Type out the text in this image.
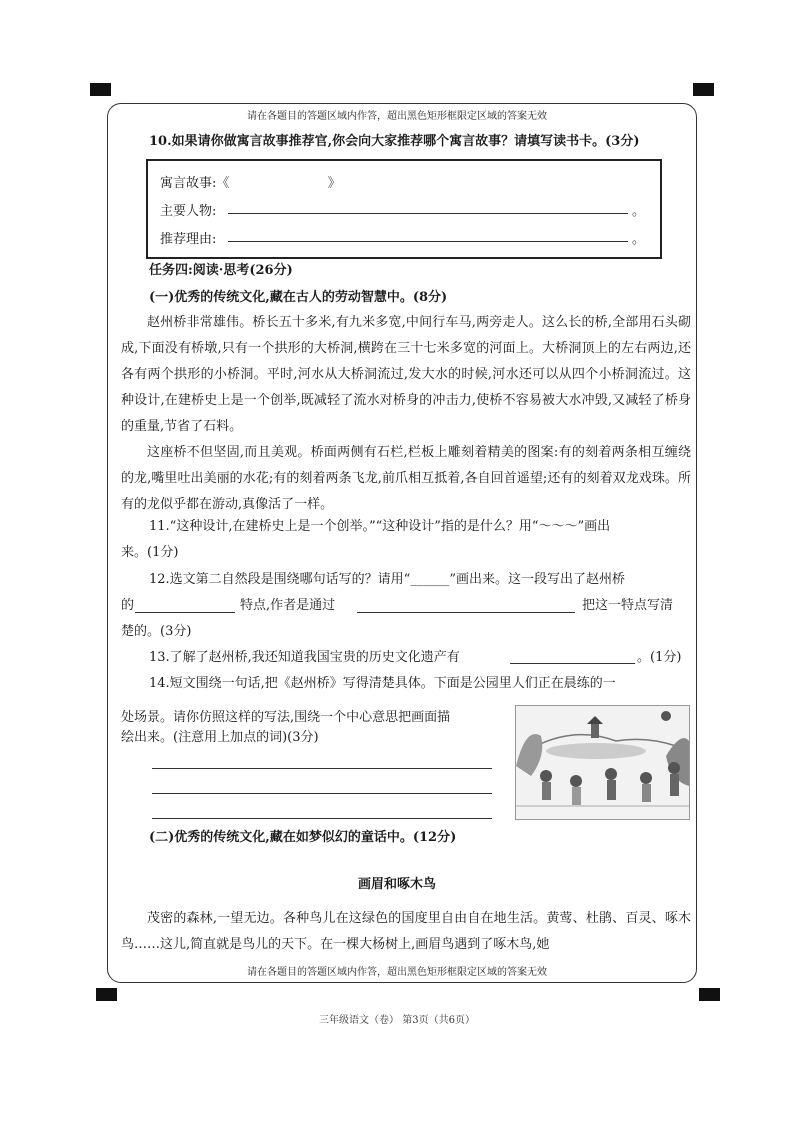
请在各题目的答题区域内作答，超出黑色矩形框限定区域的答案无效
10.如果请你做寓言故事推荐官,你会向大家推荐哪个寓言故事？请填写读书卡。(3分)
寓言故事:《	》
主要人物:	。
推荐理由:	。
任务四:阅读·思考(26分)
(一)优秀的传统文化,藏在古人的劳动智慧中。(8分)
赵州桥非常雄伟。桥长五十多米,有九米多宽,中间行车马,两旁走人。这么长的桥,全部用石头砌成,下面没有桥墩,只有一个拱形的大桥洞,横跨在三十七米多宽的河面上。大桥洞顶上的左右两边,还各有两个拱形的小桥洞。平时,河水从大桥洞流过,发大水的时候,河水还可以从四个小桥洞流过。这种设计,在建桥史上是一个创举,既减轻了流水对桥身的冲击力,使桥不容易被大水冲毁,又减轻了桥身的重量,节省了石料。
这座桥不但坚固,而且美观。桥面两侧有石栏,栏板上雕刻着精美的图案:有的刻着两条相互缠绕的龙,嘴里吐出美丽的水花;有的刻着两条飞龙,前爪相互抵着,各自回首遥望;还有的刻着双龙戏珠。所有的龙似乎都在游动,真像活了一样。
11.“这种设计,在建桥史上是一个创举。”“这种设计”指的是什么？用“～～～”画出
来。(1分)
12.选文第二自然段是围绕哪句话写的？请用“______”画出来。这一段写出了赵州桥
的	特点,作者是通过	把这一特点写清
楚的。(3分)
13.了解了赵州桥,我还知道我国宝贵的历史文化遗产有	。(1分)
14.短文围绕一句话,把《赵州桥》写得清楚具体。下面是公园里人们正在晨练的一
处场景。请你仿照这样的写法,围绕一个中心意思把画面描
绘出来。(注意用上加点的词)(3分)
(二)优秀的传统文化,藏在如梦似幻的童话中。(12分)
画眉和啄木鸟
茂密的森林,一望无边。各种鸟儿在这绿色的国度里自由自在地生活。黄莺、杜鹃、百灵、啄木鸟……这儿,简直就是鸟儿的天下。在一棵大杨树上,画眉鸟遇到了啄木鸟,她
请在各题目的答题区域内作答，超出黑色矩形框限定区域的答案无效
三年级语文（卷） 第3页（共6页）
